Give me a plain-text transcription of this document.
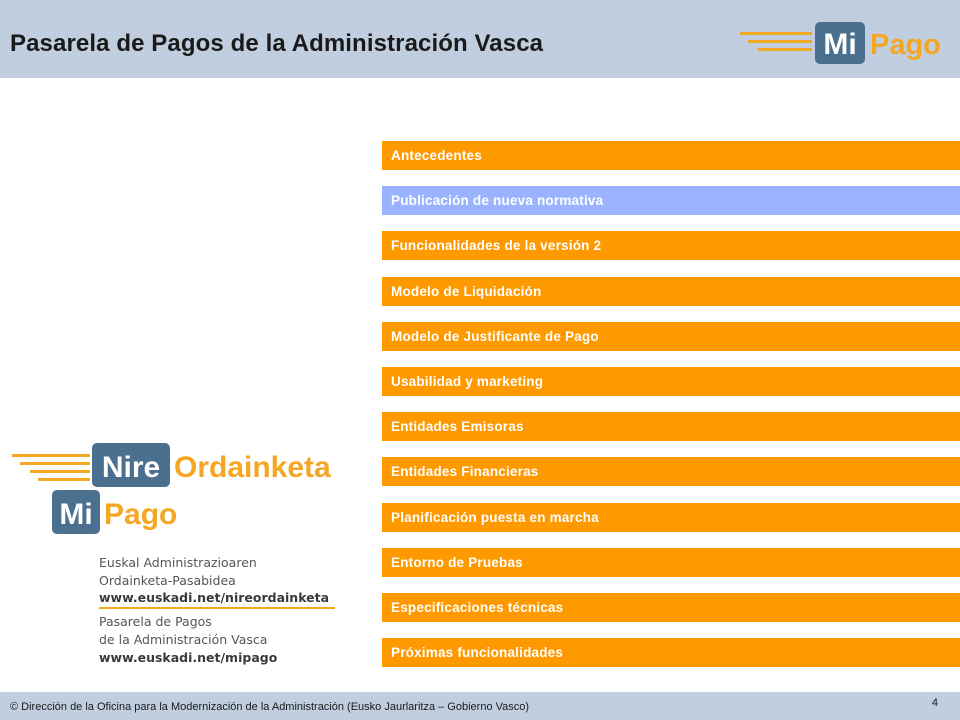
Pasarela de Pagos de la Administración Vasca	Mi Pago
Antecedentes
Publicación de nueva normativa
Funcionalidades de la versión 2
Modelo de Liquidación
Modelo de Justificante de Pago
Usabilidad y marketing
Entidades Emisoras
Entidades Financieras
Planificación puesta en marcha
Entorno de Pruebas
Especificaciones técnicas
Próximas funcionalidades
Nire Ordainketa
Mi Pago
Euskal Administrazioaren
Ordainketa-Pasabidea
www.euskadi.net/nireordainketa
Pasarela de Pagos
de la Administración Vasca
www.euskadi.net/mipago
© Dirección de la Oficina para la Modernización de la Administración (Eusko Jaurlaritza – Gobierno Vasco)	4
